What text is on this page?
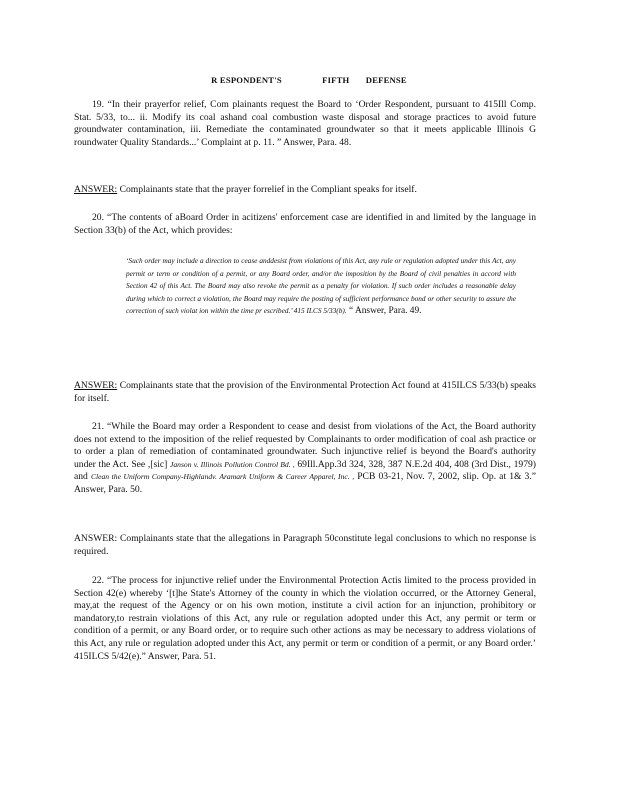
R ESPONDENT'S	FIFTH DEFENSE

19. “In their prayerfor relief, Com plainants request the Board to ‘Order Respondent, pursuant to 415Ill Comp. Stat. 5/33, to... ii. Modify its coal ashand coal combustion waste disposal and storage practices to avoid future groundwater contamination, iii. Remediate the contaminated groundwater so that it meets applicable Illinois G roundwater Quality Standards...’ Complaint at p. 11. ” Answer, Para. 48.

ANSWER: Complainants state that the prayer forrelief in the Compliant speaks for itself.

20. “The contents of aBoard Order in acitizens' enforcement case are identified in and limited by the language in Section 33(b) of the Act, which provides:

‘Such order may include a direction to cease anddesist from violations of this Act, any rule or regulation adopted under this Act, any permit or term or condition of a permit, or any Board order, and/or the imposition by the Board of civil penalties in accord with Section 42 of this Act. The Board may also revoke the permit as a penalty for violation. If such order includes a reasonable delay during which to correct a violation, the Board may require the posting of sufficient performance bond or other security to assure the correction of such violat ion within the time pr escribed.’ 415 ILCS 5/33(b). “ Answer, Para. 49.

ANSWER: Complainants state that the provision of the Environmental Protection Act found at 415ILCS 5/33(b) speaks for itself.

21. “While the Board may order a Respondent to cease and desist from violations of the Act, the Board authority does not extend to the imposition of the relief requested by Complainants to order modification of coal ash practice or to order a plan of remediation of contaminated groundwater. Such injunctive relief is beyond the Board's authority under the Act. See ,[sic] Janson v. Illinois Pollution Control Bd. , 69Ill.App.3d 324, 328, 387 N.E.2d 404, 408 (3rd Dist., 1979) and Clean the Uniform Company-Highlandv. Aramark Uniform & Career Apparel, Inc. , PCB 03-21, Nov. 7, 2002, slip. Op. at 1& 3.” Answer, Para. 50.

ANSWER: Complainants state that the allegations in Paragraph 50constitute legal conclusions to which no response is required.

22. “The process for injunctive relief under the Environmental Protection Actis limited to the process provided in Section 42(e) whereby ‘[t]he State's Attorney of the county in which the violation occurred, or the Attorney General, may,at the request of the Agency or on his own motion, institute a civil action for an injunction, prohibitory or mandatory,to restrain violations of this Act, any rule or regulation adopted under this Act, any permit or term or condition of a permit, or any Board order, or to require such other actions as may be necessary to address violations of this Act, any rule or regulation adopted under this Act, any permit or term or condition of a permit, or any Board order.’ 415ILCS 5/42(e).” Answer, Para. 51.
